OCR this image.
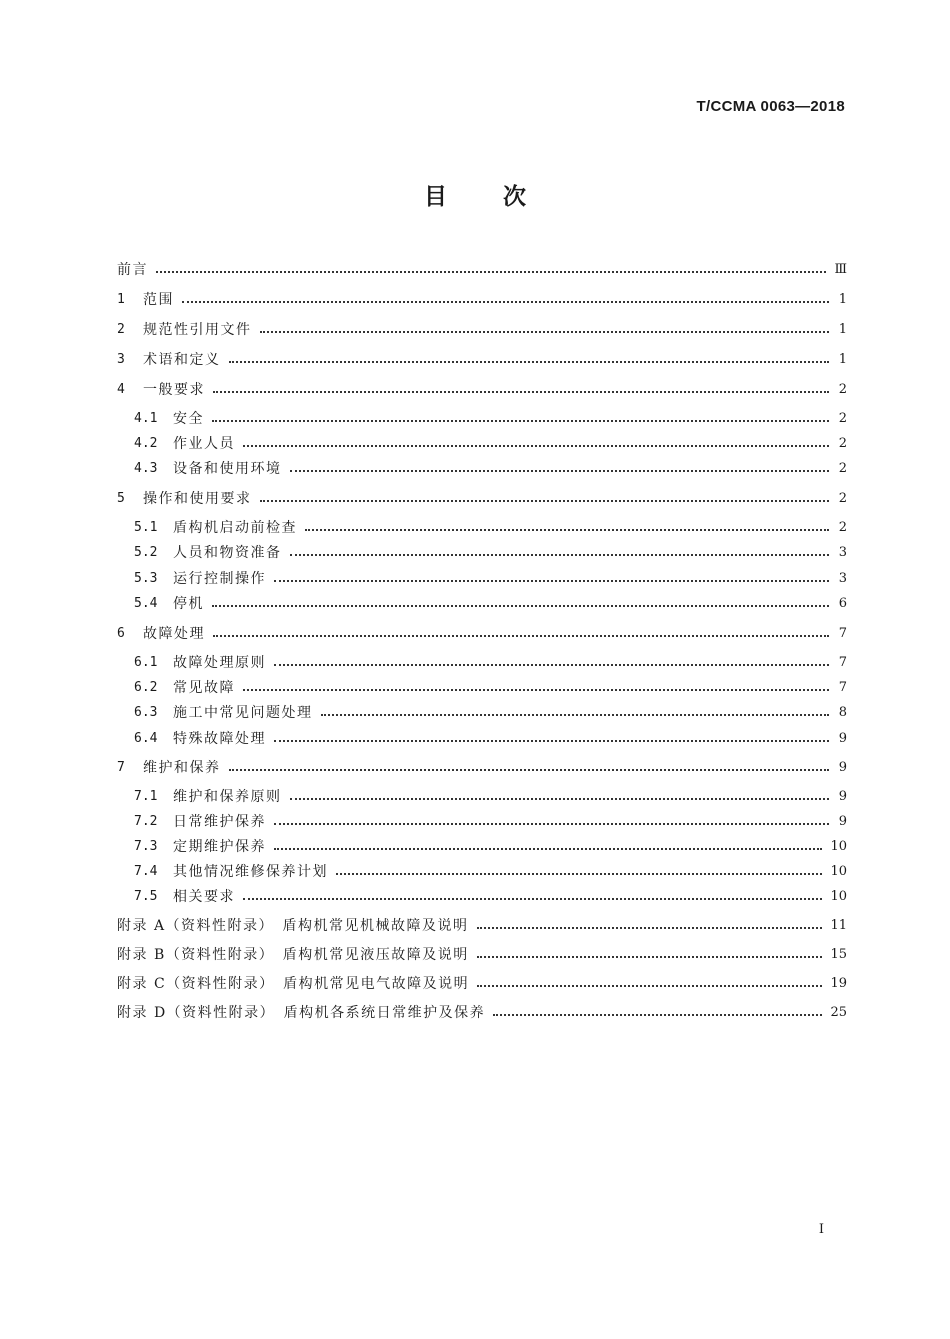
T/CCMA 0063—2018
目 次
前言	Ⅲ
1	范围	1
2	规范性引用文件	1
3	术语和定义	1
4	一般要求	2
4.1	安全	2
4.2	作业人员	2
4.3	设备和使用环境	2
5	操作和使用要求	2
5.1	盾构机启动前检查	2
5.2	人员和物资准备	3
5.3	运行控制操作	3
5.4	停机	6
6	故障处理	7
6.1	故障处理原则	7
6.2	常见故障	7
6.3	施工中常见问题处理	8
6.4	特殊故障处理	9
7	维护和保养	9
7.1	维护和保养原则	9
7.2	日常维护保养	9
7.3	定期维护保养	10
7.4	其他情况维修保养计划	10
7.5	相关要求	10
附录 A（资料性附录）　盾构机常见机械故障及说明	11
附录 B（资料性附录）　盾构机常见液压故障及说明	15
附录 C（资料性附录）　盾构机常见电气故障及说明	19
附录 D（资料性附录）　盾构机各系统日常维护及保养	25
I
